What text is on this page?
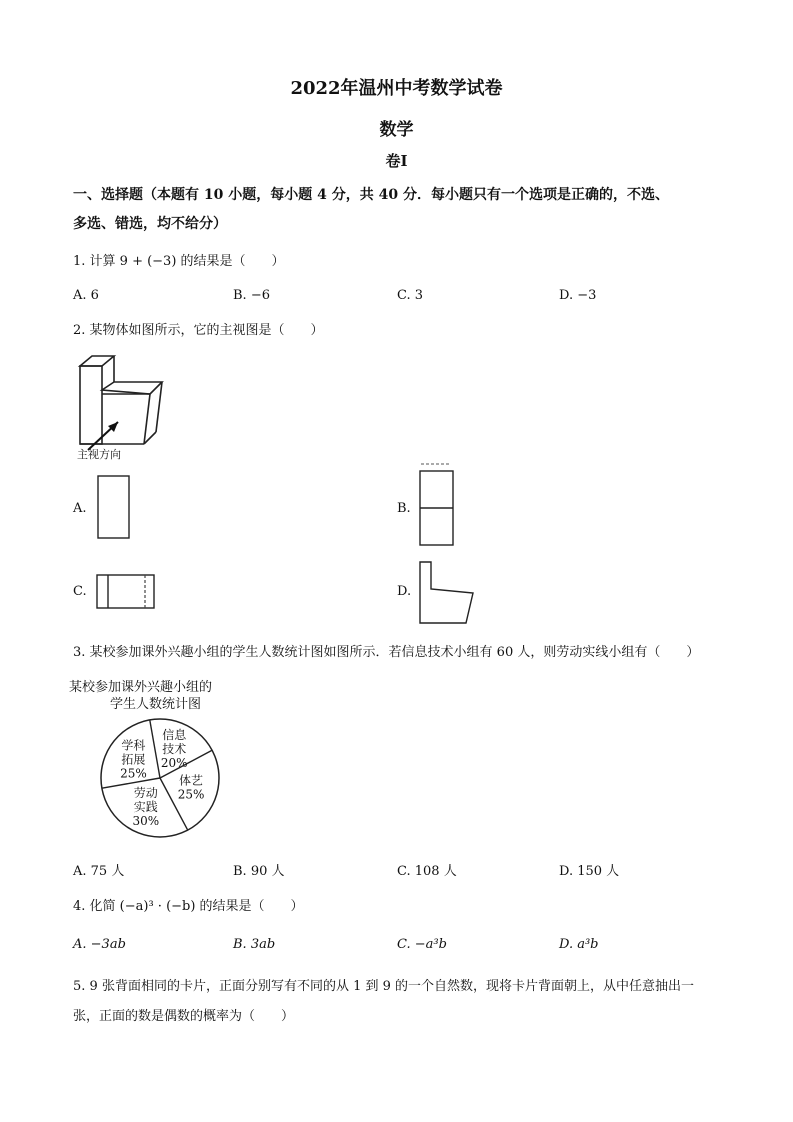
2022年温州中考数学试卷
数学
卷Ⅰ
一、选择题（本题有 10 小题，每小题 4 分，共 40 分．每小题只有一个选项是正确的，不选、
多选、错选，均不给分）
1. 计算 9 + (−3) 的结果是（　　）
A. 6	B. −6	C. 3	D. −3
2. 某物体如图所示，它的主视图是（　　）
主视方向
A.	B.
C.	D.
3. 某校参加课外兴趣小组的学生人数统计图如图所示．若信息技术小组有 60 人，则劳动实线小组有（　　）
某校参加课外兴趣小组的
学生人数统计图
信息
技术
20%
体艺
25%
劳动
实践
30%
学科
拓展
25%
A. 75 人	B. 90 人	C. 108 人	D. 150 人
4. 化简 (−a)³ · (−b) 的结果是（　　）
A. −3ab	B. 3ab	C. −a³b	D. a³b
5. 9 张背面相同的卡片，正面分别写有不同的从 1 到 9 的一个自然数，现将卡片背面朝上，从中任意抽出一
张，正面的数是偶数的概率为（　　）
